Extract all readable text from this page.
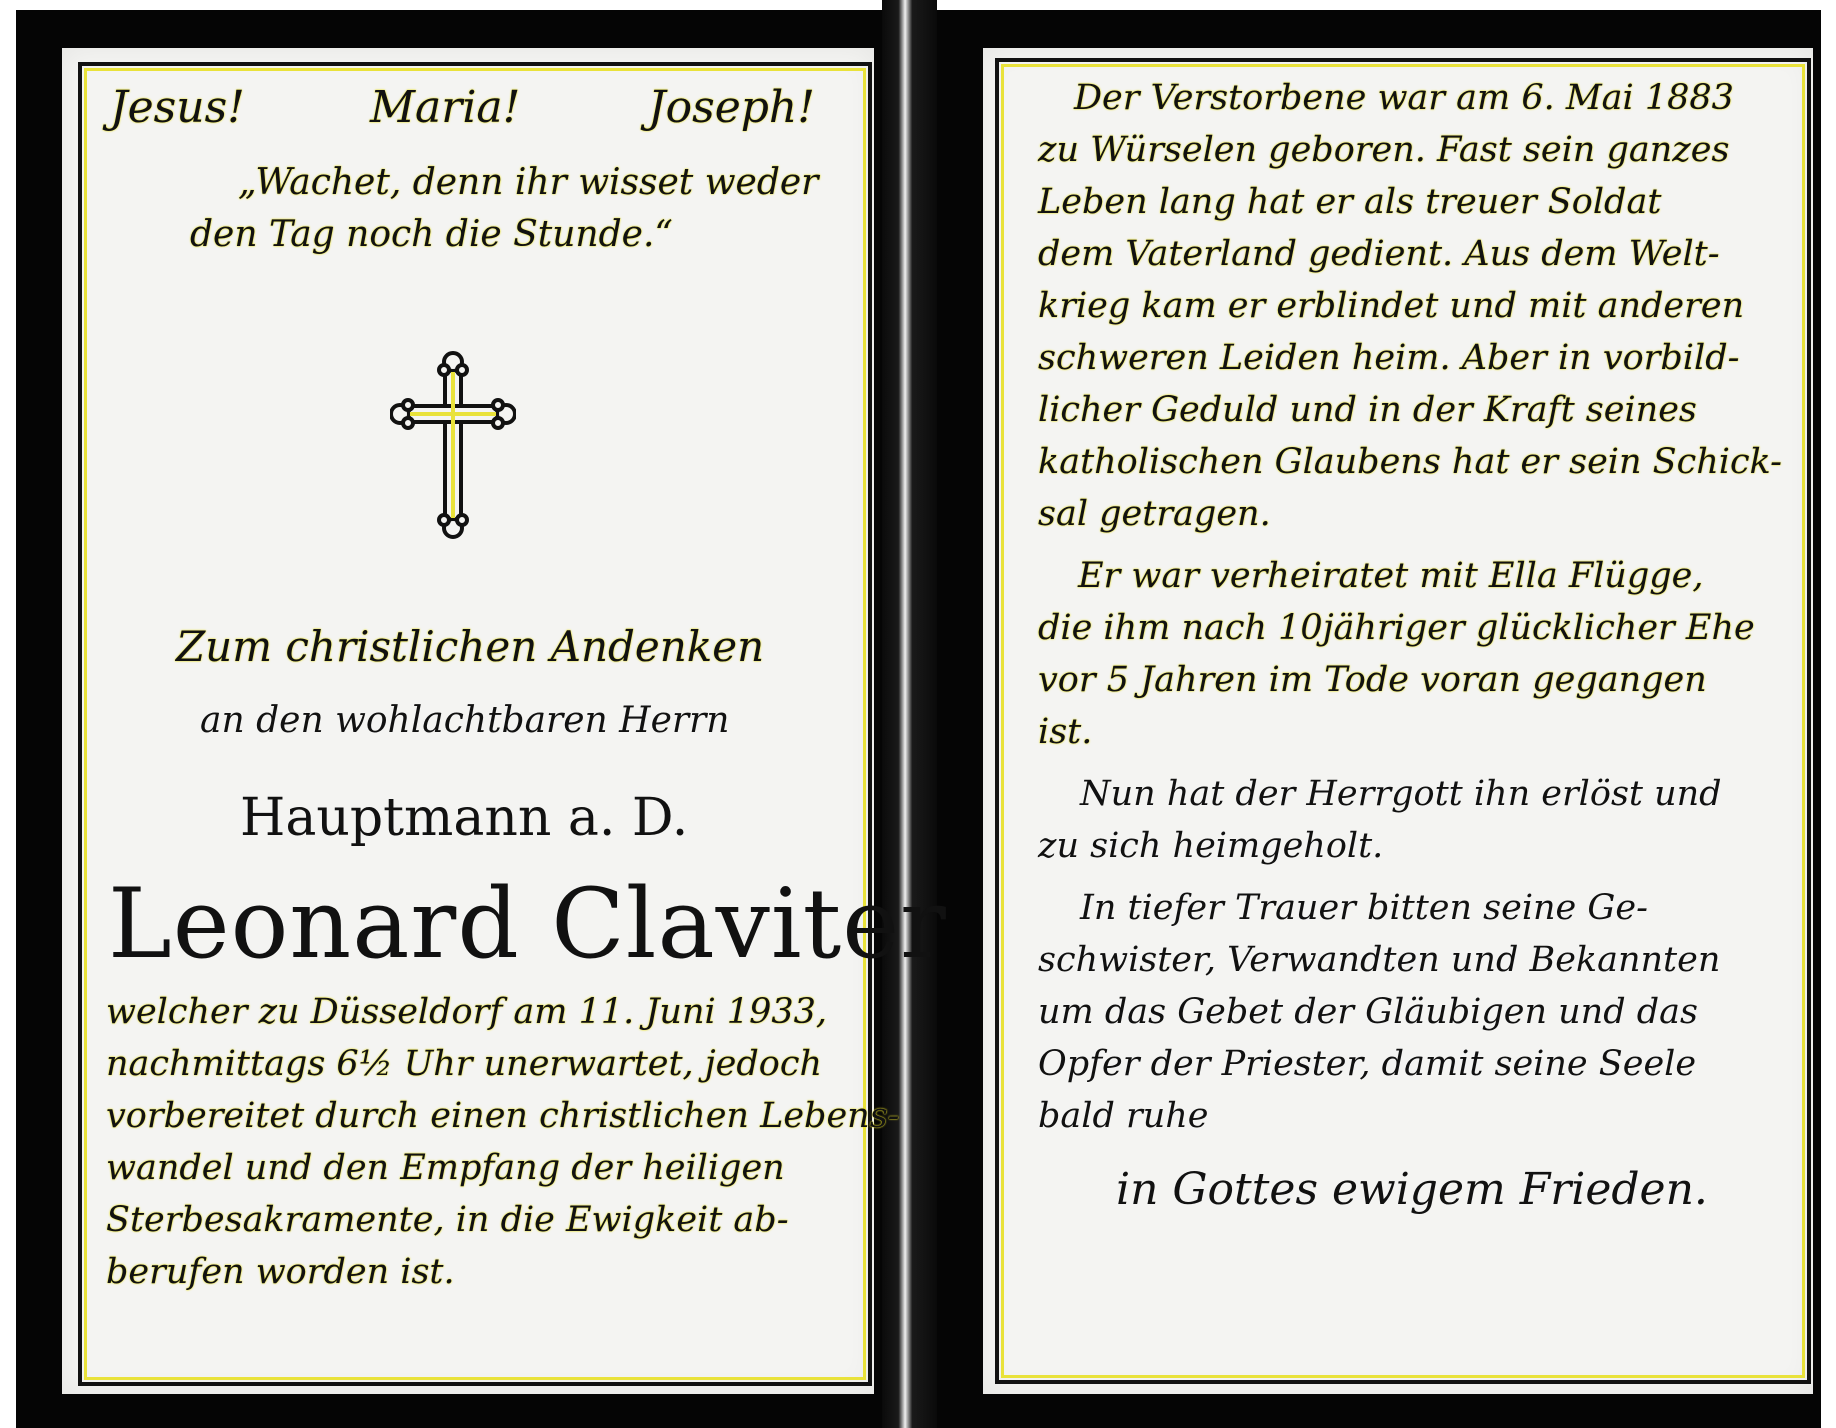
Jesus!	Maria!	Joseph!

„Wachet, denn ihr wisset weder

den Tag noch die Stunde.“

Zum christlichen Andenken

an den wohlachtbaren Herrn

Hauptmann a. D.

Leonard Claviter

welcher zu Düsseldorf am 11. Juni 1933,

nachmittags 6½ Uhr unerwartet, jedoch

vorbereitet durch einen christlichen Lebens-

wandel und den Empfang der heiligen

Sterbesakramente, in die Ewigkeit ab-

berufen worden ist.

Der Verstorbene war am 6. Mai 1883

zu Würselen geboren. Fast sein ganzes

Leben lang hat er als treuer Soldat

dem Vaterland gedient. Aus dem Welt-

krieg kam er erblindet und mit anderen

schweren Leiden heim. Aber in vorbild-

licher Geduld und in der Kraft seines

katholischen Glaubens hat er sein Schick-

sal getragen.

Er war verheiratet mit Ella Flügge,

die ihm nach 10jähriger glücklicher Ehe

vor 5 Jahren im Tode voran gegangen

ist.

Nun hat der Herrgott ihn erlöst und

zu sich heimgeholt.

In tiefer Trauer bitten seine Ge-

schwister, Verwandten und Bekannten

um das Gebet der Gläubigen und das

Opfer der Priester, damit seine Seele

bald ruhe

in Gottes ewigem Frieden.
